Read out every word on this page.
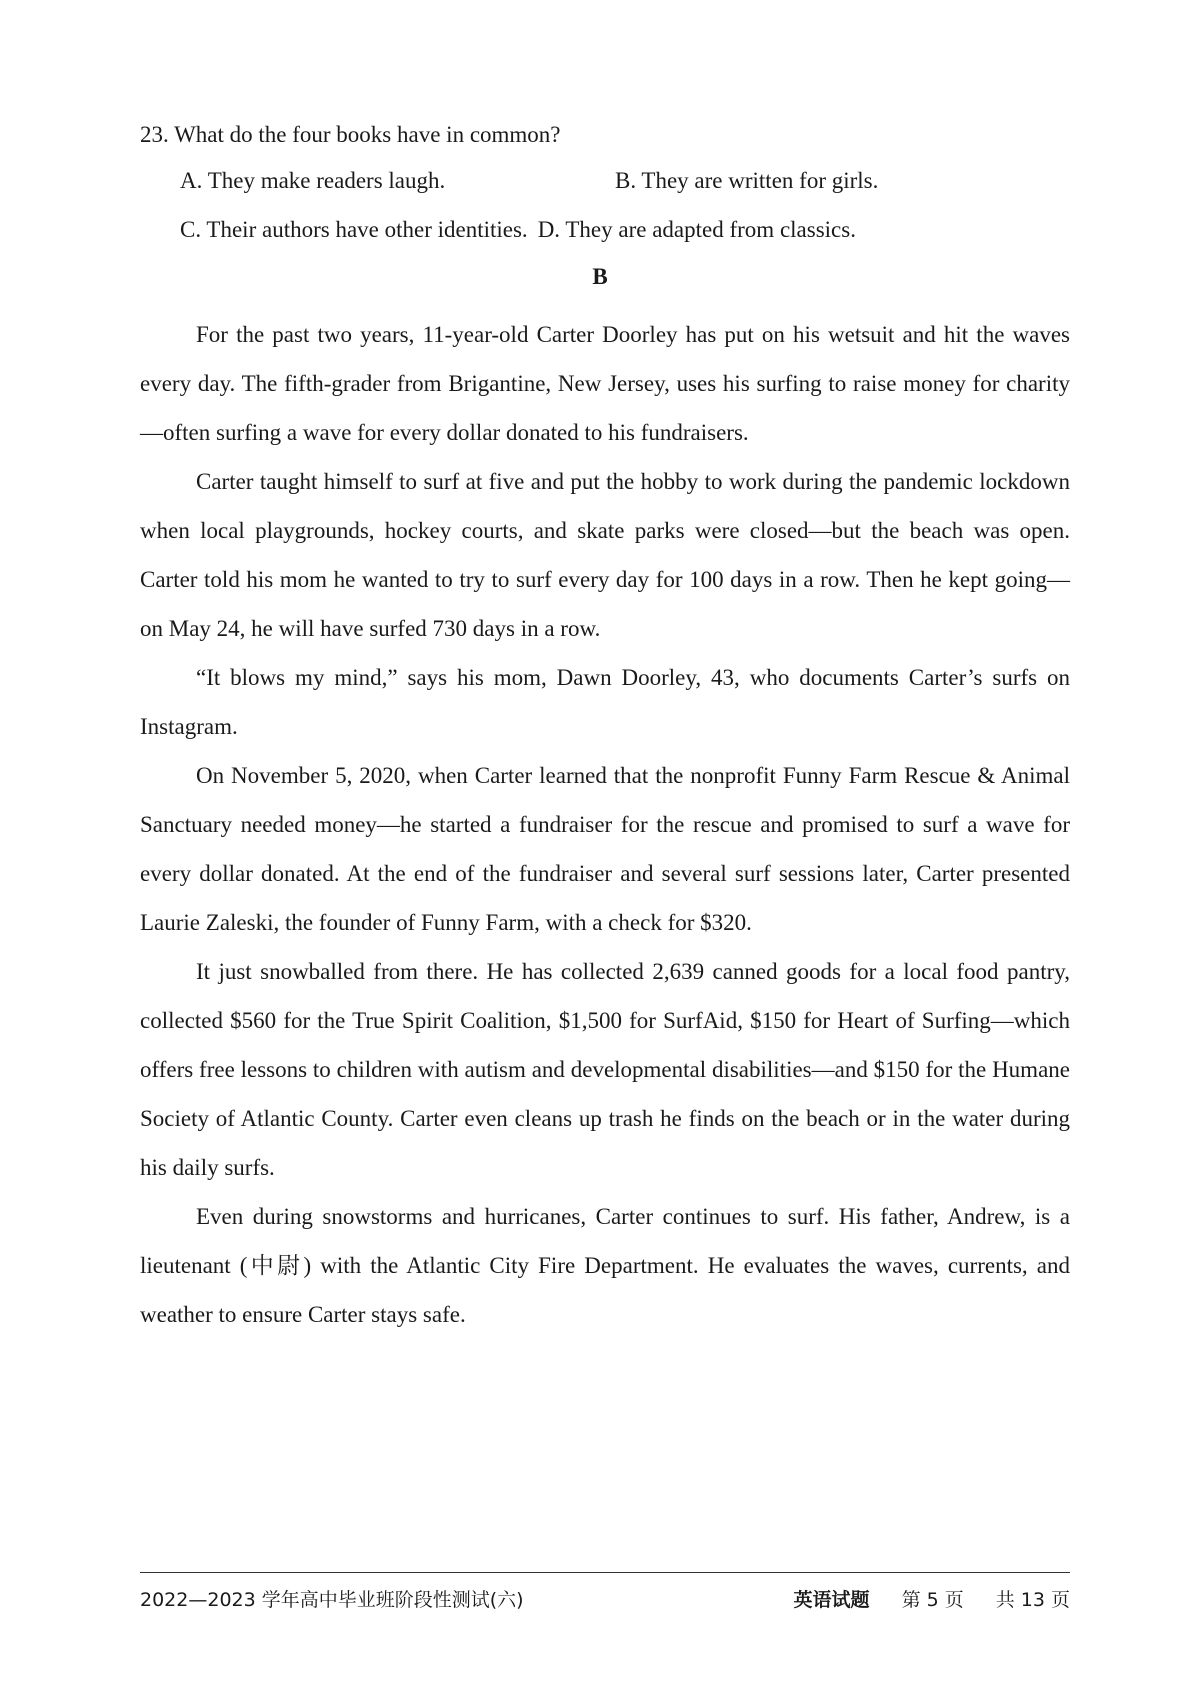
23. What do the four books have in common?
A. They make readers laugh.	B. They are written for girls.
C. Their authors have other identities. D. They are adapted from classics.
B

For the past two years, 11-year-old Carter Doorley has put on his wetsuit and hit the waves every day. The fifth-grader from Brigantine, New Jersey, uses his surfing to raise money for charity—often surfing a wave for every dollar donated to his fundraisers.

Carter taught himself to surf at five and put the hobby to work during the pandemic lockdown when local playgrounds, hockey courts, and skate parks were closed—but the beach was open. Carter told his mom he wanted to try to surf every day for 100 days in a row. Then he kept going—on May 24, he will have surfed 730 days in a row.

“It blows my mind,” says his mom, Dawn Doorley, 43, who documents Carter’s surfs on Instagram.

On November 5, 2020, when Carter learned that the nonprofit Funny Farm Rescue & Animal Sanctuary needed money—he started a fundraiser for the rescue and promised to surf a wave for every dollar donated. At the end of the fundraiser and several surf sessions later, Carter presented Laurie Zaleski, the founder of Funny Farm, with a check for $320.

It just snowballed from there. He has collected 2,639 canned goods for a local food pantry, collected $560 for the True Spirit Coalition, $1,500 for SurfAid, $150 for Heart of Surfing—which offers free lessons to children with autism and developmental disabilities—and $150 for the Humane Society of Atlantic County. Carter even cleans up trash he finds on the beach or in the water during his daily surfs.

Even during snowstorms and hurricanes, Carter continues to surf. His father, Andrew, is a lieutenant (中尉) with the Atlantic City Fire Department. He evaluates the waves, currents, and weather to ensure Carter stays safe.

2022—2023 学年高中毕业班阶段性测试(六)	英语试题 第 5 页 共 13 页
